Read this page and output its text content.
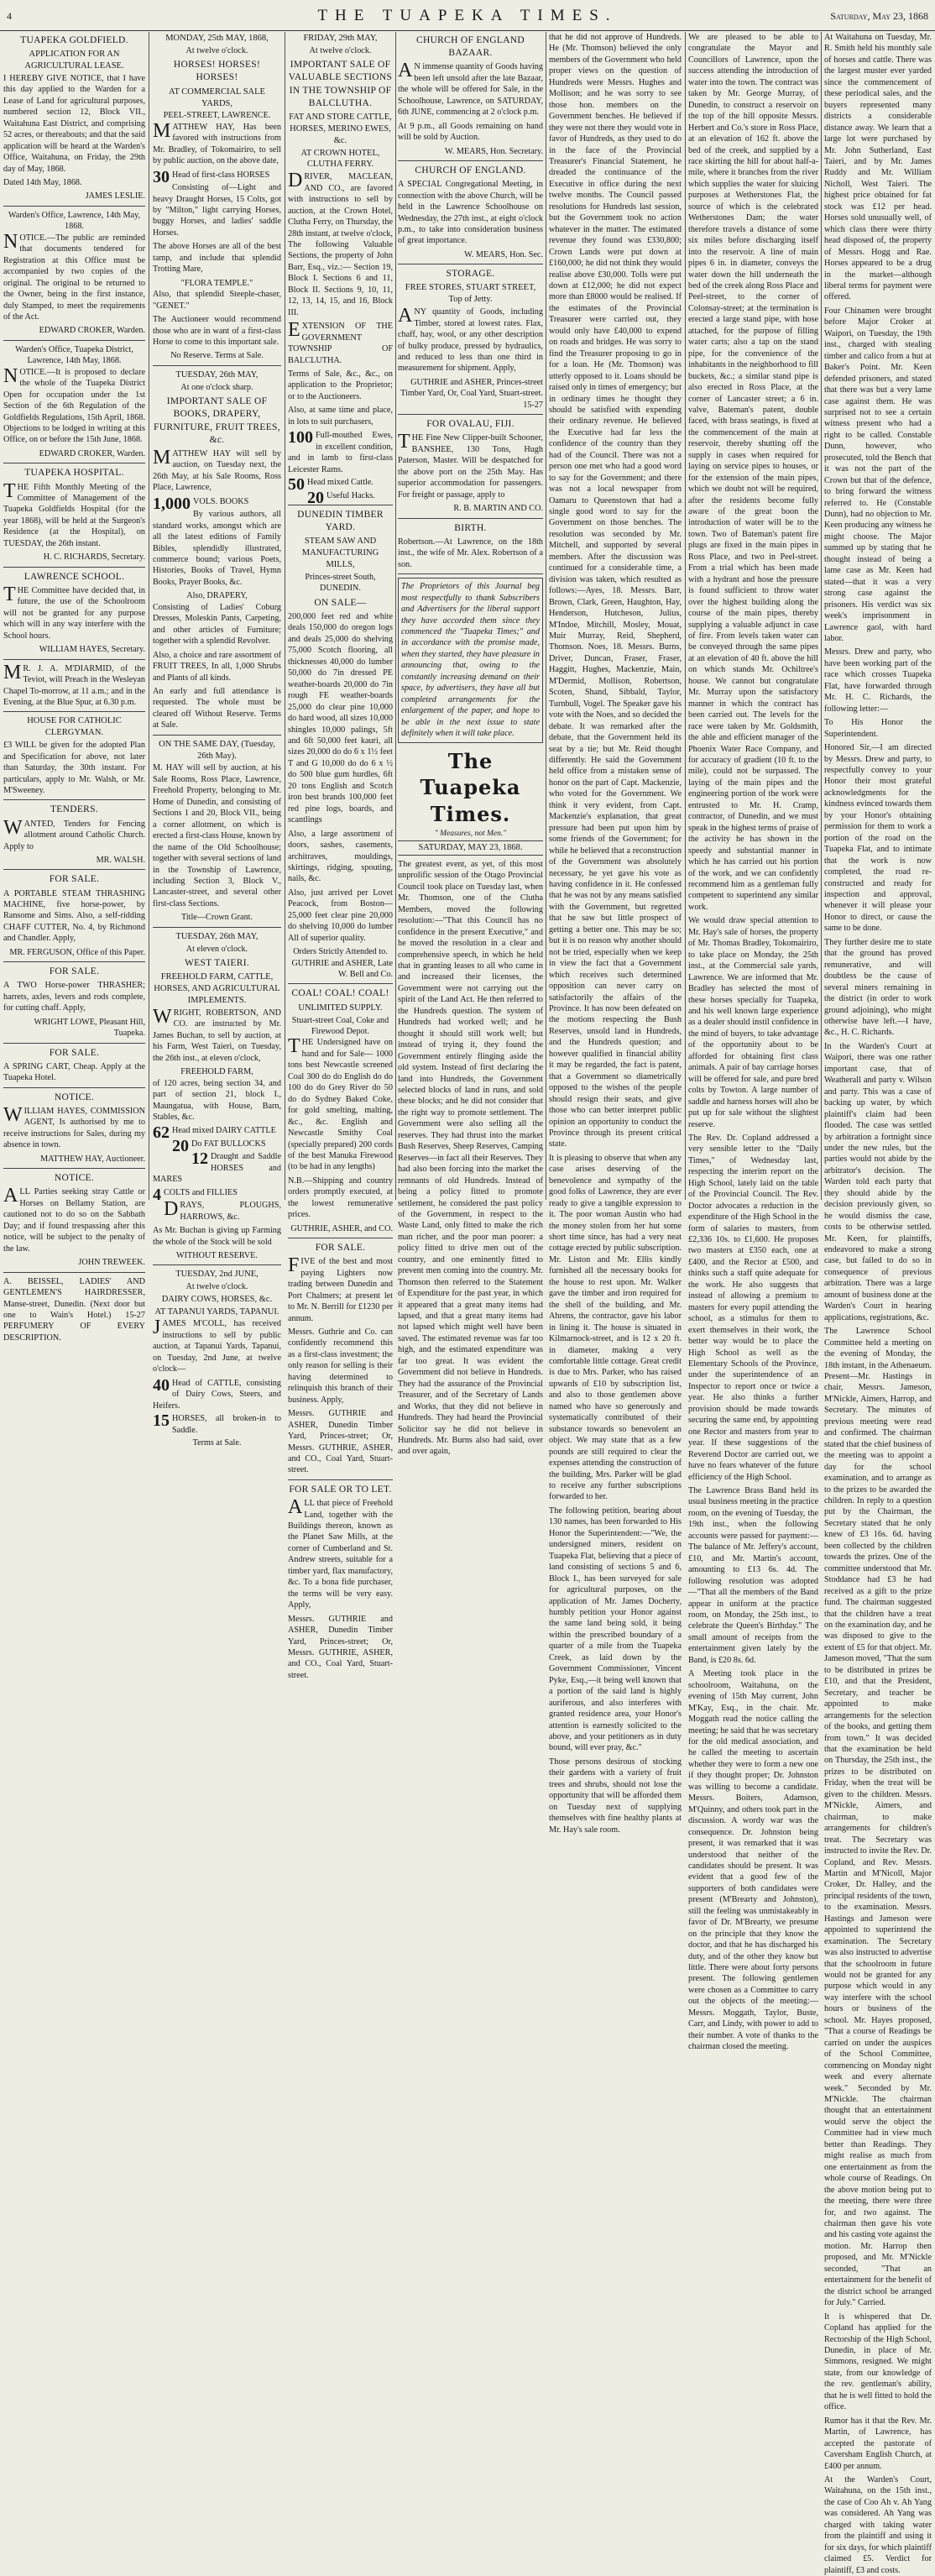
4	THE TUAPEKA TIMES.	Saturday, May 23, 1868
TUAPEKA GOLDFIELD.
APPLICATION FOR AN AGRICULTURAL LEASE.

I HEREBY GIVE NOTICE, that I have this day applied to the Warden for a Lease of Land for agricultural purposes, numbered section 12, Block VII., Waitahuna East District, and comprising 52 acres, or thereabouts; and that the said application will be heard at the Warden's Office, Waitahuna, on Friday, the 29th day of May, 1868.

Dated 14th May, 1868.

JAMES LESLIE.
Warden's Office, Lawrence, 14th May, 1868.

NOTICE.—The public are reminded that documents tendered for Registration at this Office must be accompanied by two copies of the original. The original to be returned to the Owner, being in the first instance, duly Stamped, to meet the requirements of the Act.

EDWARD CROKER, Warden.
Warden's Office, Tuapeka District, Lawrence, 14th May, 1868.

NOTICE.—It is proposed to declare the whole of the Tuapeka District Open for occupation under the 1st Section of the 6th Regulation of the Goldfields Regulations, 15th April, 1868. Objections to be lodged in writing at this Office, on or before the 15th June, 1868.

EDWARD CROKER, Warden.
TUAPEKA HOSPITAL.

THE Fifth Monthly Meeting of the Committee of Management of the Tuapeka Goldfields Hospital (for the year 1868), will be held at the Surgeon's Residence (at the Hospital), on TUESDAY, the 26th instant.

H. C. RICHARDS, Secretary.
LAWRENCE SCHOOL.

THE Committee have decided that, in future, the use of the Schoolroom will not be granted for any purpose which will in any way interfere with the School hours.

WILLIAM HAYES, Secretary.

MR. J. A. M'DIARMID, of the Teviot, will Preach in the Wesleyan Chapel To-morrow, at 11 a.m.; and in the Evening, at the Blue Spur, at 6.30 p.m.

HOUSE FOR CATHOLIC CLERGYMAN.

£3 WILL be given for the adopted Plan and Specification for above, not later than Saturday, the 30th instant. For particulars, apply to Mr. Walsh, or Mr. M'Sweeney.

TENDERS.

WANTED, Tenders for Fencing allotment around Catholic Church. Apply to

MR. WALSH.
FOR SALE.

A PORTABLE STEAM THRASHING MACHINE, five horse-power, by Ransome and Sims. Also, a self-ridding CHAFF CUTTER, No. 4, by Richmond and Chandler. Apply,

MR. FERGUSON, Office of this Paper.
FOR SALE.

A TWO Horse-power THRASHER; harrets, axles, levers and rods complete, for cutting chaff. Apply,

WRIGHT LOWE, Pleasant Hill, Tuapeka.
FOR SALE.

A SPRING CART, Cheap. Apply at the Tuapeka Hotel.

NOTICE.

WILLIAM HAYES, COMMISSION AGENT, Is authorised by me to receive instructions for Sales, during my absence in town.

MATTHEW HAY, Auctioneer.
NOTICE.

ALL Parties seeking stray Cattle or Horses on Bellamy Station, are cautioned not to do so on the Sabbath Day; and if found trespassing after this notice, will be subject to the penalty of the law.

JOHN TREWEEK.

A. BEISSEL, LADIES' AND GENTLEMEN'S HAIRDRESSER, Manse-street, Dunedin. (Next door but one to Wain's Hotel.) 15-27 PERFUMERY OF EVERY DESCRIPTION.

MONDAY, 25th MAY, 1868,
At twelve o'clock.
HORSES! HORSES! HORSES!
AT COMMERCIAL SALE YARDS,
PEEL-STREET, LAWRENCE.

MATTHEW HAY, Has been favored with instructions from Mr. Bradley, of Tokomairiro, to sell by public auction, on the above date,

30 Head of first-class HORSES

Consisting of—Light and heavy Draught Horses, 15 Colts, got by "Milton," light carrying Horses, buggy Horses, and ladies' saddle Horses.

The above Horses are all of the best tamp, and include that splendid Trotting Mare,

"FLORA TEMPLE."

Also, that splendid Steeple-chaser, "GENET."

The Auctioneer would recommend those who are in want of a first-class Horse to come to this important sale.

No Reserve. Terms at Sale.
TUESDAY, 26th MAY,
At one o'clock sharp.
IMPORTANT SALE OF BOOKS, DRAPERY, FURNITURE, FRUIT TREES, &c.

MATTHEW HAY will sell by auction, on Tuesday next, the 26th May, at his Sale Rooms, Ross Place, Lawrence,

1,000 VOLS. BOOKS

By various authors, all standard works, amongst which are all the latest editions of Family Bibles, splendidly illustrated, commerce bound; various Poets, Histories, Books of Travel, Hymn Books, Prayer Books, &c.

Also, DRAPERY,

Consisting of Ladies' Coburg Dresses, Moleskin Pants, Carpeting, and other articles of Furniture; together with a splendid Revolver.

Also, a choice and rare assortment of FRUIT TREES, In all, 1,000 Shrubs and Plants of all kinds.

An early and full attendance is requested. The whole must be cleared off Without Reserve. Terms at Sale.

ON THE SAME DAY, (Tuesday, 26th May).

M. HAY will sell by auction, at his Sale Rooms, Ross Place, Lawrence, Freehold Property, belonging to Mr. Home of Dunedin, and consisting of Sections 1 and 20, Block VII., being a corner allotment, on which is erected a first-class House, known by the name of the Old Schoolhouse; together with several sections of land in the Township of Lawrence, including Section 3, Block V., Lancaster-street, and several other first-class Sections.

Title—Crown Grant.
TUESDAY, 26th MAY,
At eleven o'clock.
WEST TAIERI.
FREEHOLD FARM, CATTLE, HORSES, AND AGRICULTURAL IMPLEMENTS.

WRIGHT, ROBERTSON, AND CO. are instructed by Mr. James Buchan, to sell by auction, at his Farm, West Taieri, on Tuesday, the 26th inst., at eleven o'clock,

FREEHOLD FARM,

of 120 acres, being section 34, and part of section 21, block I., Maungatua, with House, Barn, Stables, &c.

62 Head mixed DAIRY CATTLE
20 Do FAT BULLOCKS
12 Draught and Saddle HORSES and MARES
4 COLTS and FILLIES

DRAYS, PLOUGHS, HARROWS, &c.

As Mr. Buchan is giving up Farming the whole of the Stock will be sold

WITHOUT RESERVE.
TUESDAY, 2nd JUNE,
At twelve o'clock.
DAIRY COWS, HORSES, &c.
AT TAPANUI YARDS, TAPANUI.

JAMES M'COLL, has received instructions to sell by public auction, at Tapanui Yards, Tapanui, on Tuesday, 2nd June, at twelve o'clock—

40 Head of CATTLE, consisting of Dairy Cows, Steers, and Heifers.
15 HORSES, all broken-in to Saddle.
Terms at Sale.
FRIDAY, 29th MAY,
At twelve o'clock.
IMPORTANT SALE OF VALUABLE SECTIONS IN THE TOWNSHIP OF BALCLUTHA.
FAT AND STORE CATTLE, HORSES, MERINO EWES, &c.
AT CROWN HOTEL, CLUTHA FERRY.

DRIVER, MACLEAN, AND CO., are favored with instructions to sell by auction, at the Crown Hotel, Clutha Ferry, on Thursday, the 28th instant, at twelve o'clock, The following Valuable Sections, the property of John Barr, Esq., viz.:— Section 19, Block I. Sections 6 and 11, Block II. Sections 9, 10, 11, 12, 13, 14, 15, and 16, Block III.

EXTENSION OF THE GOVERNMENT TOWNSHIP OF BALCLUTHA.

Terms of Sale, &c., &c., on application to the Proprietor; or to the Auctioneers.

Also, at same time and place, in lots to suit purchasers,

100 Full-mouthed Ewes, in excellent condition, and in lamb to first-class Leicester Rams.
50 Head mixed Cattle.
20 Useful Hacks.
DUNEDIN TIMBER YARD.
STEAM SAW AND MANUFACTURING MILLS,
Princes-street South, DUNEDIN.
ON SALE—

200,000 feet red and white deals 150,000 do oregon logs and deals 25,000 do shelving 75,000 Scotch flooring, all thicknesses 40,000 do lumber 50,000 do 7in dressed PE weather-boards 20,000 do 7in rough FE weather-boards 25,000 do clear pine 10,000 do hard wood, all sizes 10,000 shingles 10,000 palings, 5ft and 6ft 50,000 feet kauri, all sizes 20,000 do do 6 x 1½ feet T and G 10,000 do do 6 x ½ do 500 blue gum hurdles, 6ft 20 tons English and Scotch iron best brands 100,000 feet red pine logs, boards, and scantlings

Also, a large assortment of doors, sashes, casements, architraves, mouldings, skirtings, ridging, spouting, nails, &c.

Also, just arrived per Lovet Peacock, from Boston— 25,000 feet clear pine 20,000 do shelving 10,000 do lumber All of superior quality.

Orders Strictly Attended to.
GUTHRIE and ASHER, Late W. Bell and Co.
COAL! COAL! COAL!
UNLIMITED SUPPLY.
Stuart-street Coal, Coke and Firewood Depot.

THE Undersigned have on hand and for Sale— 1000 tons best Newcastle screened Coal 300 do do English do do 100 do do Grey River do 50 do do Sydney Baked Coke, for gold smelting, malting, &c., &c. English and Newcastle Smithy Coal (specially prepared) 200 cords of the best Manuka Firewood (to be had in any lengths)

N.B.—Shipping and country orders promptly executed, at the lowest remunerative prices.

GUTHRIE, ASHER, and CO.
FOR SALE.

FIVE of the best and most paying Lighters now trading between Dunedin and Port Chalmers; at present let to Mr. N. Berrill for £1230 per annum.

Messrs. Guthrie and Co. can confidently recommend this as a first-class investment; the only reason for selling is their having determined to relinquish this branch of their business. Apply,

Messrs. GUTHRIE and ASHER, Dunedin Timber Yard, Princes-street; Or, Messrs. GUTHRIE, ASHER, and CO., Coal Yard, Stuart-street.

FOR SALE OR TO LET.

ALL that piece of Freehold Land, together with the Buildings thereon, known as the Planet Saw Mills, at the corner of Cumberland and St. Andrew streets, suitable for a timber yard, flax manufactory, &c. To a bona fide purchaser, the terms will be very easy. Apply,

Messrs. GUTHRIE and ASHER, Dunedin Timber Yard, Princes-street; Or, Messrs. GUTHRIE, ASHER, and CO., Coal Yard, Stuart-street.

CHURCH OF ENGLAND BAZAAR.

AN immense quantity of Goods having been left unsold after the late Bazaar, the whole will be offered for Sale, in the Schoolhouse, Lawrence, on SATURDAY, 6th JUNE, commencing at 2 o'clock p.m.

At 9 p.m., all Goods remaining on hand will be sold by Auction.

W. MEARS, Hon. Secretary.
CHURCH OF ENGLAND.

A SPECIAL Congregational Meeting, in connection with the above Church, will be held in the Lawrence Schoolhouse on Wednesday, the 27th inst., at eight o'clock p.m., to take into consideration business of great importance.

W. MEARS, Hon. Sec.
STORAGE.
FREE STORES, STUART STREET, Top of Jetty.

ANY quantity of Goods, including Timber, stored at lowest rates. Flax, chaff, hay, wool, or any other description of bulky produce, pressed by hydraulics, and reduced to less than one third in measurement for shipment. Apply,

GUTHRIE and ASHER, Princes-street Timber Yard, Or, Coal Yard, Stuart-street. 15-27
FOR OVALAU, FIJI.

THE Fine New Clipper-built Schooner, BANSHEE, 130 Tons, Hugh Paterson, Master. Will be despatched for the above port on the 25th May. Has superior accommodation for passengers. For freight or passage, apply to

R. B. MARTIN AND CO.
BIRTH.

Robertson.—At Lawrence, on the 18th inst., the wife of Mr. Alex. Robertson of a son.

The Proprietors of this Journal beg most respectfully to thank Subscribers and Advertisers for the liberal support they have accorded them since they commenced the "Tuapeka Times;" and in accordance with the promise made, when they started, they have pleasure in announcing that, owing to the constantly increasing demand on their space, by advertisers, they have all but completed arrangements for the enlargement of the paper, and hope to be able in the next issue to state definitely when it will take place.

The Tuapeka Times.
" Measures, not Men."
SATURDAY, MAY 23, 1868.

The greatest event, as yet, of this most unprolific session of the Otago Provincial Council took place on Tuesday last, when Mr. Thomson, one of the Clutha Members, moved the following resolution:—"That this Council has no confidence in the present Executive," and he moved the resolution in a clear and comprehensive speech, in which he held that in granting leases to all who came in and increased their licenses, the Government were not carrying out the spirit of the Land Act. He then referred to the Hundreds question. The system of Hundreds had worked well; and he thought it should still work well; but instead of trying it, they found the Government entirely flinging aside the old system. Instead of first declaring the land into Hundreds, the Government selected blocks of land in runs, and sold these blocks; and he did not consider that the right way to promote settlement. The Government were also selling all the reserves. They had thrust into the market Bush Reserves, Sheep Reserves, Camping Reserves—in fact all their Reserves. They had also been forcing into the market the remnants of old Hundreds. Instead of being a policy fitted to promote settlement, he considered the past policy of the Government, in respect to the Waste Land, only fitted to make the rich man richer, and the poor man poorer: a policy fitted to drive men out of the country, and one eminently fitted to prevent men coming into the country. Mr. Thomson then referred to the Statement of Expenditure for the past year, in which it appeared that a great many items had lapsed, and that a great many items had not lapsed which might well have been saved. The estimated revenue was far too high, and the estimated expenditure was far too great. It was evident the Government did not believe in Hundreds. They had the assurance of the Provincial Treasurer, and of the Secretary of Lands and Works, that they did not believe in Hundreds. They had heard the Provincial Solicitor say he did not believe in Hundreds. Mr. Burns also had said, over and over again,

that he did not approve of Hundreds. He (Mr. Thomson) believed the only members of the Government who held proper views on the question of Hundreds were Messrs. Hughes and Mollison; and he was sorry to see those hon. members on the Government benches. He believed if they were not there they would vote in favor of Hundreds, as they used to do in the face of the Provincial Treasurer's Financial Statement, he dreaded the continuance of the Executive in office during the next twelve months. The Council passed resolutions for Hundreds last session, but the Government took no action whatever in the matter. The estimated revenue they found was £330,800; Crown Lands were put down at £160,000; he did not think they would realise above £30,000. Tolls were put down at £12,000; he did not expect more than £8000 would be realised. If the estimates of the Provincial Treasurer were carried out, they would only have £40,000 to expend on roads and bridges. He was sorry to find the Treasurer proposing to go in for a loan. He (Mr. Thomson) was utterly opposed to it. Loans should be raised only in times of emergency; but in ordinary times he thought they should be satisfied with expending their ordinary revenue. He believed the Executive had far less the confidence of the country than they had of the Council. There was not a person one met who had a good word to say for the Government; and there was not a local newspaper from Oamaru to Queenstown that had a single good word to say for the Government on those benches. The resolution was seconded by Mr. Mitchell, and supported by several members. After the discussion was continued for a considerable time, a division was taken, which resulted as follows:—Ayes, 18. Messrs. Barr, Brown, Clark, Green, Haughton, Hay, Henderson, Hutcheson, Julius, M'Indoe, Mitchill, Mosley, Mouat, Muir Murray, Reid, Shepherd, Thomson. Noes, 18. Messrs. Burns, Driver, Duncan, Fraser, Fraser, Haggitt, Hughes, Mackenzie, Main, M'Dermid, Mollison, Robertson, Scoten, Shand, Sibbald, Taylor, Turnbull, Vogel. The Speaker gave his vote with the Noes, and so decided the debate. It was remarked after the debate, that the Government held its seat by a tie; but Mr. Reid thought differently. He said the Government held office from a mistaken sense of honor on the part of Capt. Mackenzie, who voted for the Government. We think it very evident, from Capt. Mackenzie's explanation, that great pressure had been put upon him by some friends of the Government; for while he believed that a reconstruction of the Government was absolutely necessary, he yet gave his vote as having confidence in it. He confessed that he was not by any means satisfied with the Government, but regretted that he saw but little prospect of getting a better one. This may be so; but it is no reason why another should not be tried, especially when we keep in view the fact that a Government which receives such determined opposition can never carry on satisfactorily the affairs of the Province. It has now been defeated on the motions respecting the Bush Reserves, unsold land in Hundreds, and the Hundreds question; and however qualified in financial ability it may be regarded, the fact is patent, that a Government so diametrically opposed to the wishes of the people should resign their seats, and give those who can better interpret public opinion an opportunity to conduct the Province through its present critical state.

It is pleasing to observe that when any case arises deserving of the benevolence and sympathy of the good folks of Lawrence, they are ever ready to give a tangible expression to it. The poor woman Austin who had the money stolen from her hut some short time since, has had a very neat cottage erected by public subscription. Mr. Liston and Mr. Ellis kindly furnished all the necessary books for the house to rest upon. Mr. Walker gave the timber and iron required for the shell of the building, and Mr. Ahrens, the contractor, gave his labor in lining it. The house is situated in Kilmarnock-street, and is 12 x 20 ft. in diameter, making a very comfortable little cottage. Great credit is due to Mrs. Parker, who has raised upwards of £10 by subscription list, and also to those gentlemen above named who have so generously and systematically contributed of their substance towards so benevolent an object. We may state that as a few pounds are still required to clear the expenses attending the construction of the building, Mrs. Parker will be glad to receive any further subscriptions forwarded to her.

The following petition, bearing about 130 names, has been forwarded to His Honor the Superintendent:—"We, the undersigned miners, resident on Tuapeka Flat, believing that a piece of land consisting of sections 5 and 6, Block I., has been surveyed for sale for agricultural purposes, on the application of Mr. James Docherty, humbly petition your Honor against the same land being sold, it being within the prescribed boundary of a quarter of a mile from the Tuapeka Creek, as laid down by the Government Commissioner, Vincent Pyke, Esq.,—it being well known that a portion of the said land is highly auriferous, and also interferes with granted residence area, your Honor's attention is earnestly solicited to the above, and your petitioners as in duty bound, will ever pray, &c."

Those persons desirous of stocking their gardens with a variety of fruit trees and shrubs, should not lose the opportunity that will be afforded them on Tuesday next of supplying themselves with fine healthy plants at Mr. Hay's sale room.

We are pleased to be able to congratulate the Mayor and Councillors of Lawrence, upon the success attending the introduction of water into the town. The contract was taken by Mr. George Murray, of Dunedin, to construct a reservoir on the top of the hill opposite Messrs. Herbert and Co.'s store in Ross Place, at an elevation of 162 ft. above the bed of the creek, and supplied by a race skirting the hill for about half-a-mile, where it branches from the river which supplies the water for sluicing purposes at Wetherstones Flat, the source of which is the celebrated Wetherstones Dam; the water therefore travels a distance of some six miles before discharging itself into the reservoir. A line of main pipes 6 in. in diameter, conveys the water down the hill underneath the bed of the creek along Ross Place and Peel-street, to the corner of Colonsay-street; at the termination is erected a large stand pipe, with hose attached, for the purpose of filling water carts; also a tap on the stand pipe, for the convenience of the inhabitants in the neighborhood to fill buckets, &c.; a similar stand pipe is also erected in Ross Place, at the corner of Lancaster street; a 6 in. valve, Bateman's patent, double faced, with brass seatings, is fixed at the commencement of the main at reservoir, thereby shutting off the supply in cases when required for laying on service pipes to houses, or for the extension of the main pipes, which we doubt not will be required, after the residents become fully aware of the great boon the introduction of water will be to the town. Two of Bateman's patent fire plugs are fixed in the main pipes in Ross Place, and two in Peel-street. From a trial which has been made with a hydrant and hose the pressure is found sufficient to throw water over the highest building along the course of the main pipes, thereby supplying a valuable adjunct in case of fire. From levels taken water can be conveyed through the same pipes at an elevation of 40 ft. above the hill on which stands Mr. Ochiltree's house. We cannot but congratulate Mr. Murray upon the satisfactory manner in which the contract has been carried out. The levels for the race were taken by Mr. Goldsmith, the able and efficient manager of the Phoenix Water Race Company, and for accuracy of gradient (10 ft. to the mile), could not be surpassed. The laying of the main pipes and the engineering portion of the work were entrusted to Mr. H. Cramp, contractor, of Dunedin, and we must speak in the highest terms of praise of the activity he has shown in the speedy and substantial manner in which he has carried out his portion of the work, and we can confidently recommend him as a gentleman fully competent to superintend any similar work.

We would draw special attention to Mr. Hay's sale of horses, the property of Mr. Thomas Bradley, Tokomairiro, to take place on Monday, the 25th inst., at the Commercial sale yards, Lawrence. We are informed that Mr. Bradley has selected the most of these horses specially for Tuapeka, and his well known large experience as a dealer should instil confidence in the mind of buyers, to take advantage of the opportunity about to be afforded for obtaining first class animals. A pair of bay carriage horses will be offered for sale, and pure bred colts by Towton. A large number of saddle and harness horses will also be put up for sale without the slightest reserve.

The Rev. Dr. Copland addressed a very sensible letter to the "Daily Times," of Wednesday last, respecting the interim report on the High School, lately laid on the table of the Provincial Council. The Rev. Doctor advocates a reduction in the expenditure of the High School in the form of salaries to masters, from £2,336 10s. to £1,600. He proposes two masters at £350 each, one at £400, and the Rector at £500, and thinks such a staff quite adequate for the work. He also suggests that instead of allowing a premium to masters for every pupil attending the school, as a stimulus for them to exert themselves in their work, the better way would be to place the High School as well as the Elementary Schools of the Province, under the superintendence of an Inspector to report once or twice a year. He also thinks a further provision should be made towards securing the same end, by appointing one Rector and masters from year to year. If these suggestions of the Reverend Doctor are carried out, we have no fears whatever of the future efficiency of the High School.

The Lawrence Brass Band held its usual business meeting in the practice room, on the evening of Tuesday, the 19th inst., when the following accounts were passed for payment:—The balance of Mr. Jeffery's account, £10, and Mr. Martin's account, amounting to £13 6s. 4d. The following resolution was adopted—"That all the members of the Band appear in uniform at the practice room, on Monday, the 25th inst., to celebrate the Queen's Birthday." The small amount of receipts from the entertainment given lately by the Band, is £20 8s. 6d.

A Meeting took place in the schoolroom, Waitahuna, on the evening of 15th May current, John M'Kay, Esq., in the chair. Mr. Moggath read the notice calling the meeting; he said that he was secretary for the old medical association, and he called the meeting to ascertain whether they were to form a new one if they thought proper; Dr. Johnston was willing to become a candidate. Messrs. Boiters, Adamson, M'Quinny, and others took part in the discussion. A wordy war was the consequence. Dr. Johnston being present, it was remarked that it was understood that neither of the candidates should be present. It was evident that a good few of the supporters of both candidates were present (M'Brearty and Johnston), still the feeling was unmistakeably in favor of Dr. M'Brearty, we presume on the principle that they know the doctor, and that he has discharged his duty, and of the other they know but little. There were about forty persons present. The following gentlemen were chosen as a Committee to carry out the objects of the meeting:—Messrs. Moggath, Taylor, Buste, Carr, and Lindy, with power to add to their number. A vote of thanks to the chairman closed the meeting.

At Waitahuna on Tuesday, Mr. R. Smith held his monthly sale of horses and cattle. There was the largest muster ever yarded since the commencement of these periodical sales, and the buyers represented many districts a considerable distance away. We learn that a large lot were purchased by Mr. John Sutherland, East Taieri, and by Mr. James Ruddy and Mr. William Nicholl, West Taieri. The highest price obtained for fat stock was £12 per head. Horses sold unusually well, of which class there were thirty head disposed of, the property of Messrs. Hogg and Rae. Horses appeared to be a drug in the market—although liberal terms for payment were offered.

Four Chinamen were brought before Major Croker at Waipori, on Tuesday, the 19th inst., charged with stealing timber and calico from a hut at Baker's Point. Mr. Keen defended prisoners, and stated that there was but a very lame case against them. He was surprised not to see a certain witness present who had a right to be called. Constable Dunn, however, who prosecuted, told the Bench that it was not the part of the Crown but that of the defence, to bring forward the witness referred to. He (Constable Dunn), had no objection to Mr. Keen producing any witness he might choose. The Major summed up by stating that he thought instead of being a lame case as Mr. Keen had stated—that it was a very strong case against the prisoners. His verdict was six week's imprisonment in Lawrence gaol, with hard labor.

Messrs. Drew and party, who have been working part of the race which crosses Tuapeka Flat, have forwarded through Mr. H. C. Richards, the following letter:—

To His Honor the Superintendent.

Honored Sir,—I am directed by Messrs. Drew and party, to respectfully convey to your Honor their most grateful acknowledgments for the kindness evinced towards them by your Honor's obtaining permission for them to work a portion of the road on the Tuapeka Flat, and to intimate that the work is now completed, the road re-constructed and ready for inspection and approval, whenever it will please your Honor to direct, or cause the same to be done.

They further desire me to state that the ground has proved remunerative, and will doubtless be the cause of several miners remaining in the district (in order to work ground adjoining), who might otherwise have left.—I have, &c., H. C. Richards.

In the Warden's Court at Waipori, there was one rather important case, that of Weatherall and party v. Wilson and party. This was a case of backing up water, by which plaintiff's claim had been flooded. The case was settled by arbitration a fortnight since under the new rules, but the parties would not abide by the arbitrator's decision. The Warden told each party that they should abide by the decision previously given, so he would dismiss the case, costs to be otherwise settled. Mr. Keen, for plaintiffs, endeavored to make a strong case, but failed to do so in consequence of previous arbitration. There was a large amount of business done at the Warden's Court in hearing applications, registrations, &c.

The Lawrence School Committee held a meeting on the evening of Monday, the 18th instant, in the Athenaeum. Present—Mr. Hastings in chair, Messrs. Jameson, M'Nickle, Aimers, Harrop, and Secretary. The minutes of previous meeting were read and confirmed. The chairman stated that the chief business of the meeting was to appoint a day for the school examination, and to arrange as to the prizes to be awarded the children. In reply to a question put by the Chairman, the Secretary stated that he only knew of £3 16s. 6d. having been collected by the children towards the prizes. One of the committee understood that Mr. Stoddance had £3 he had received as a gift to the prize fund. The chairman suggested that the children have a treat on the examination day, and he was disposed to give to the extent of £5 for that object. Mr. Jameson moved, "That the sum to be distributed in prizes be £10, and that the President, Secretary, and teacher be appointed to make arrangements for the selection of the books, and getting them from town." It was decided that the examination be held on Thursday, the 25th inst., the prizes to be distributed on Friday, when the treat will be given to the children. Messrs. M'Nickle, Aimers, and chairman, to make arrangements for children's treat. The Secretary was instructed to invite the Rev. Dr. Copland, and Rev. Messrs. Martin and M'Nicoll, Major Croker, Dr. Halley, and the principal residents of the town, to the examination. Messrs. Hastings and Jameson were appointed to superintend the examination. The Secretary was also instructed to advertise that the schoolroom in future would not be granted for any purpose which would in any way interfere with the school hours or business of the school. Mr. Hayes proposed, "That a course of Readings be carried on under the auspices of the School Committee, commencing on Monday night week and every alternate week." Seconded by Mr. M'Nickle. The chairman thought that an entertainment would serve the object the Committee had in view much better than Readings. They might realise as much from one entertainment as from the whole course of Readings. On the above motion being put to the meeting, there were three for, and two against. The chairman then gave his vote and his casting vote against the motion. Mr. Harrop then proposed, and Mr. M'Nickle seconded, "That an entertainment for the benefit of the district school be arranged for July." Carried.

It is whispered that Dr. Copland has applied for the Rectorship of the High School, Dunedin, in place of Mr. Simmons, resigned. We might state, from our knowledge of the rev. gentleman's ability, that he is well fitted to hold the office.

Rumor has it that the Rev. Mr. Martin, of Lawrence, has accepted the pastorate of Caversham English Church, at £400 per annum.

At the Warden's Court, Waitahuna, on the 15th inst., the case of Coo Ah v. Ah Yang was considered. Ah Yang was charged with taking water from the plaintiff and using it for six days, for which plaintiff claimed £5. Verdict for plaintiff, £3 and costs.
